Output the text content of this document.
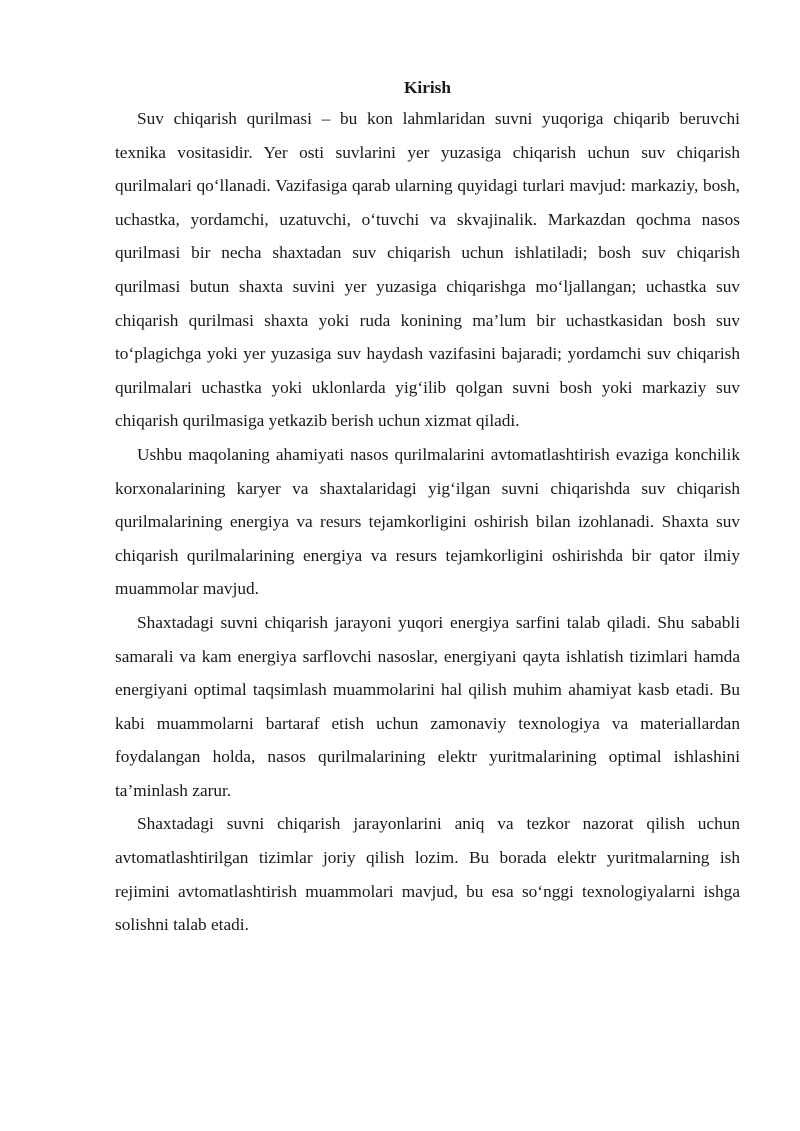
Kirish

Suv chiqarish qurilmasi – bu kon lahmlaridan suvni yuqoriga chiqarib beruvchi texnika vositasidir. Yer osti suvlarini yer yuzasiga chiqarish uchun suv chiqarish qurilmalari qo‘llanadi. Vazifasiga qarab ularning quyidagi turlari mavjud: markaziy, bosh, uchastka, yordamchi, uzatuvchi, o‘tuvchi va skvajinalik. Markazdan qochma nasos qurilmasi bir necha shaxtadan suv chiqarish uchun ishlatiladi; bosh suv chiqarish qurilmasi butun shaxta suvini yer yuzasiga chiqarishga mo‘ljallangan; uchastka suv chiqarish qurilmasi shaxta yoki ruda konining ma’lum bir uchastkasidan bosh suv to‘plagichga yoki yer yuzasiga suv haydash vazifasini bajaradi; yordamchi suv chiqarish qurilmalari uchastka yoki uklonlarda yig‘ilib qolgan suvni bosh yoki markaziy suv chiqarish qurilmasiga yetkazib berish uchun xizmat qiladi.

Ushbu maqolaning ahamiyati nasos qurilmalarini avtomatlashtirish evaziga konchilik korxonalarining karyer va shaxtalaridagi yig‘ilgan suvni chiqarishda suv chiqarish qurilmalarining energiya va resurs tejamkorligini oshirish bilan izohlanadi. Shaxta suv chiqarish qurilmalarining energiya va resurs tejamkorligini oshirishda bir qator ilmiy muammolar mavjud.

Shaxtadagi suvni chiqarish jarayoni yuqori energiya sarfini talab qiladi. Shu sababli samarali va kam energiya sarflovchi nasoslar, energiyani qayta ishlatish tizimlari hamda energiyani optimal taqsimlash muammolarini hal qilish muhim ahamiyat kasb etadi. Bu kabi muammolarni bartaraf etish uchun zamonaviy texnologiya va materiallardan foydalangan holda, nasos qurilmalarining elektr yuritmalarining optimal ishlashini ta’minlash zarur.

Shaxtadagi suvni chiqarish jarayonlarini aniq va tezkor nazorat qilish uchun avtomatlashtirilgan tizimlar joriy qilish lozim. Bu borada elektr yuritmalarning ish rejimini avtomatlashtirish muammolari mavjud, bu esa so‘nggi texnologiyalarni ishga solishni talab etadi.
